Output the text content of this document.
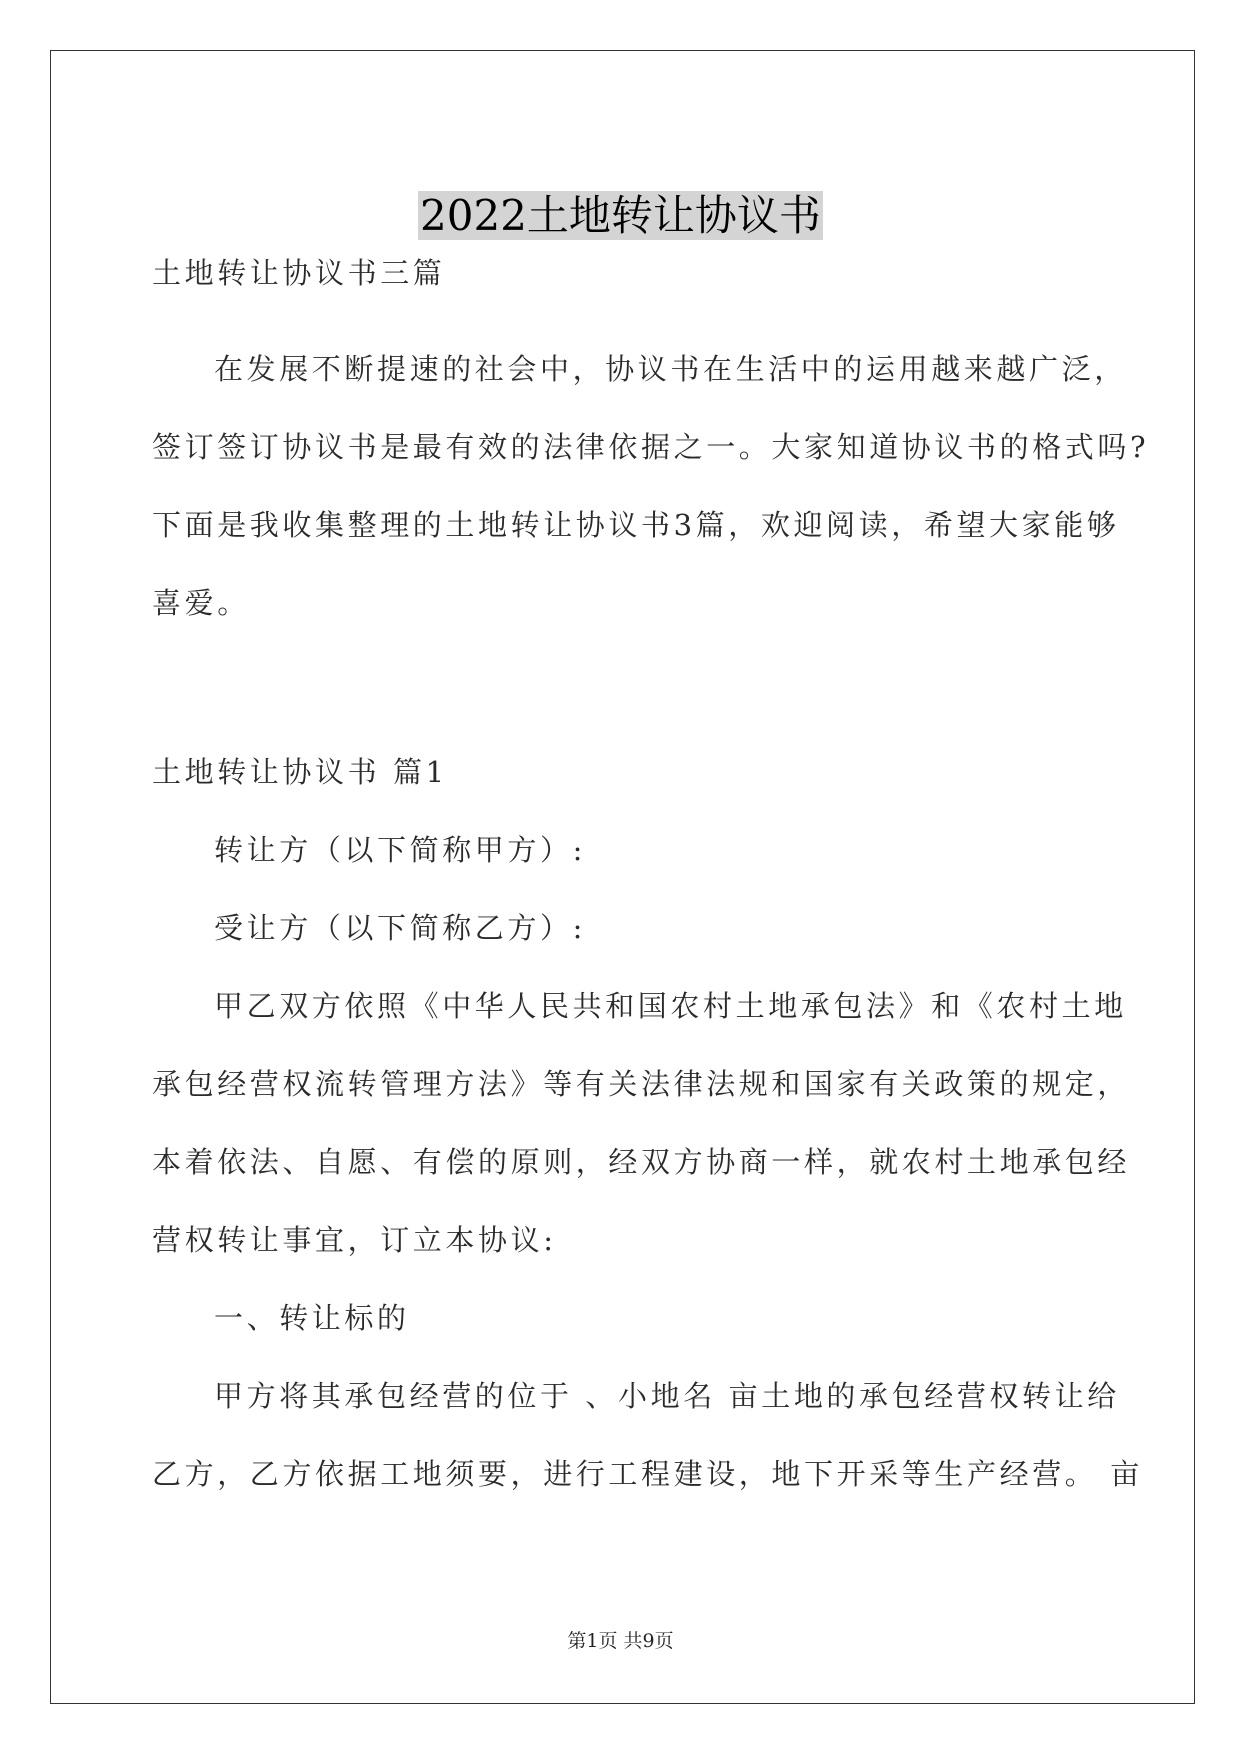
2022土地转让协议书
土地转让协议书三篇
在发展不断提速的社会中，协议书在生活中的运用越来越广泛，
签订签订协议书是最有效的法律依据之一。大家知道协议书的格式吗?
下面是我收集整理的土地转让协议书3篇，欢迎阅读，希望大家能够
喜爱。
土地转让协议书 篇1
转让方（以下简称甲方）:
受让方（以下简称乙方）:
甲乙双方依照《中华人民共和国农村土地承包法》和《农村土地
承包经营权流转管理方法》等有关法律法规和国家有关政策的规定，
本着依法、自愿、有偿的原则，经双方协商一样，就农村土地承包经
营权转让事宜，订立本协议:
一、转让标的
甲方将其承包经营的位于 、小地名 亩土地的承包经营权转让给
乙方，乙方依据工地须要，进行工程建设，地下开采等生产经营。 亩
第1页 共9页
